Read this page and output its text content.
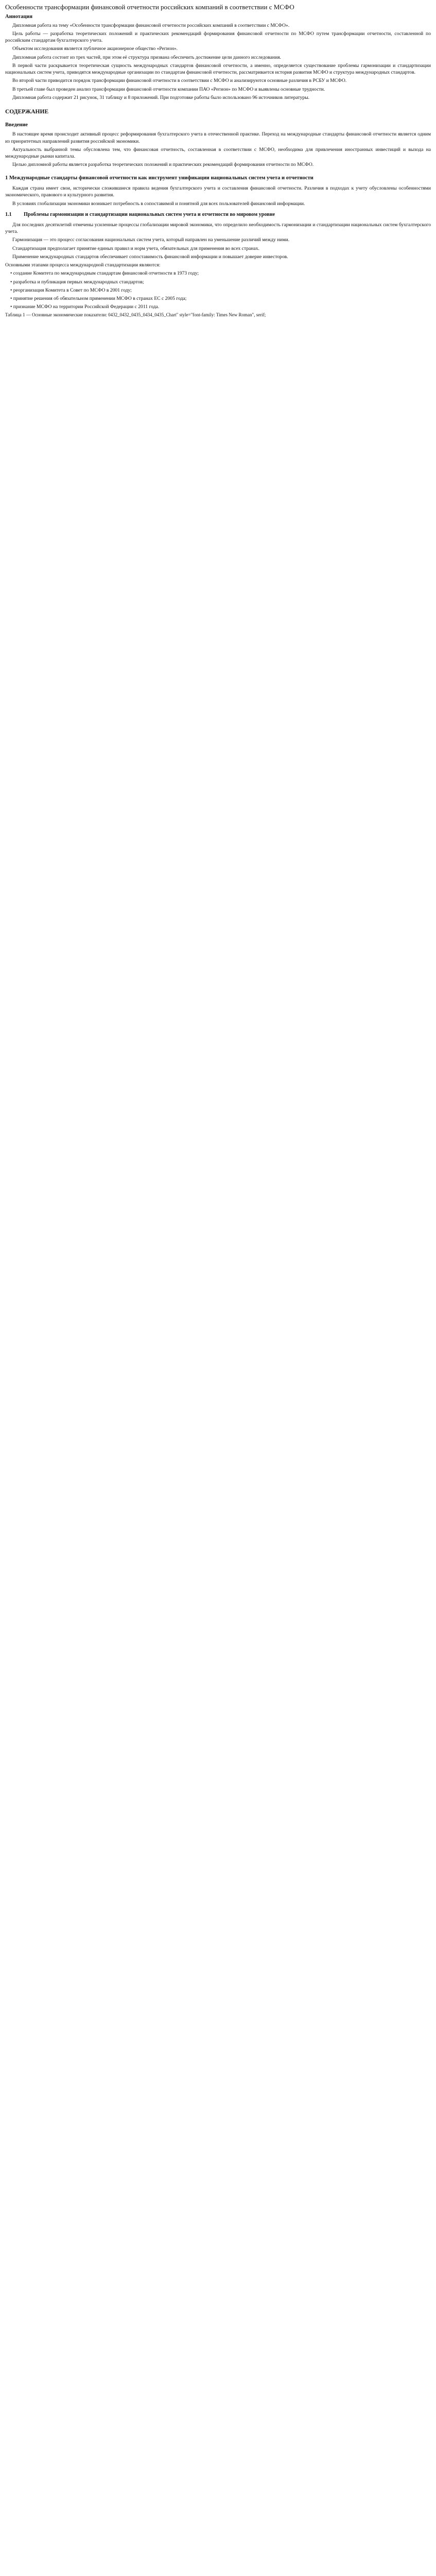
Особенности трансформации финансовой отчетности российских компаний в соответствии с МСФО
Аннотация

Дипломная работа на тему «Особенности трансформации финансовой отчетности российских компаний в соответствии с МСФО».

Цель работы — разработка теоретических положений и практических рекомендаций формирования финансовой отчетности по МСФО путем трансформации отчетности, составленной по российским стандартам бухгалтерского учета.

Объектом исследования является публичное акционерное общество «Регион».

Дипломная работа состоит из трех частей, при этом её структура призвана обеспечить достижение цели данного исследования.

В первой части раскрывается теоретическая сущность международных стандартов финансовой отчетности, а именно, определяется существование проблемы гармонизации и стандартизации национальных систем учета, приводятся международные организации по стандартам финансовой отчетности, рассматривается история развития МСФО и структура международных стандартов.

Во второй части приводится порядок трансформации финансовой отчетности в соответствии с МСФО и анализируются основные различия в РСБУ и МСФО.

В третьей главе был проведен анализ трансформации финансовой отчетности компании ПАО «Регион» по МСФО и выявлены основные трудности.

Дипломная работа содержит 21 рисунок, 31 таблицу и 8 приложений. При подготовке работы было использовано 96 источников литературы.

СОДЕРЖАНИЕ
Введение

В настоящее время происходит активный процесс реформирования бухгалтерского учета в отечественной практике. Переход на международные стандарты финансовой отчетности является одним из приоритетных направлений развития российской экономики.

Актуальность выбранной темы обусловлена тем, что финансовая отчетность, составленная в соответствии с МСФО, необходима для привлечения иностранных инвестиций и выхода на международные рынки капитала.

Целью дипломной работы является разработка теоретических положений и практических рекомендаций формирования отчетности по МСФО.

1 Международные стандарты финансовой отчетности как инструмент унификации национальных систем учета и отчетности

Каждая страна имеет свои, исторически сложившиеся правила ведения бухгалтерского учета и составления финансовой отчетности. Различия в подходах к учету обусловлены особенностями экономического, правового и культурного развития.

В условиях глобализации экономики возникает потребность в сопоставимой и понятной для всех пользователей финансовой информации.

1.1	Проблемы гармонизации и стандартизации национальных систем учета и отчетности во мировом уровне

Для последних десятилетий отмечены усиленные процессы глобализации мировой экономики, что определило необходимость гармонизации и стандартизации национальных систем бухгалтерского учета.

Гармонизация — это процесс согласования национальных систем учета, который направлен на уменьшение различий между ними.

Стандартизация предполагает принятие единых правил и норм учета, обязательных для применения во всех странах.

Применение международных стандартов обеспечивает сопоставимость финансовой информации и повышает доверие инвесторов.

Основными этапами процесса международной стандартизации являются:

• создание Комитета по международным стандартам финансовой отчетности в 1973 году;

• разработка и публикация первых международных стандартов;

• реорганизация Комитета в Совет по МСФО в 2001 году;

• принятие решения об обязательном применении МСФО в странах ЕС с 2005 года;

• признание МСФО на территории Российской Федерации с 2011 года.

Таблица 1 — Основные экономические показатели: 0432_0432_0435_0434_0435_Chart" style="font-family: Times New Roman", serif;
